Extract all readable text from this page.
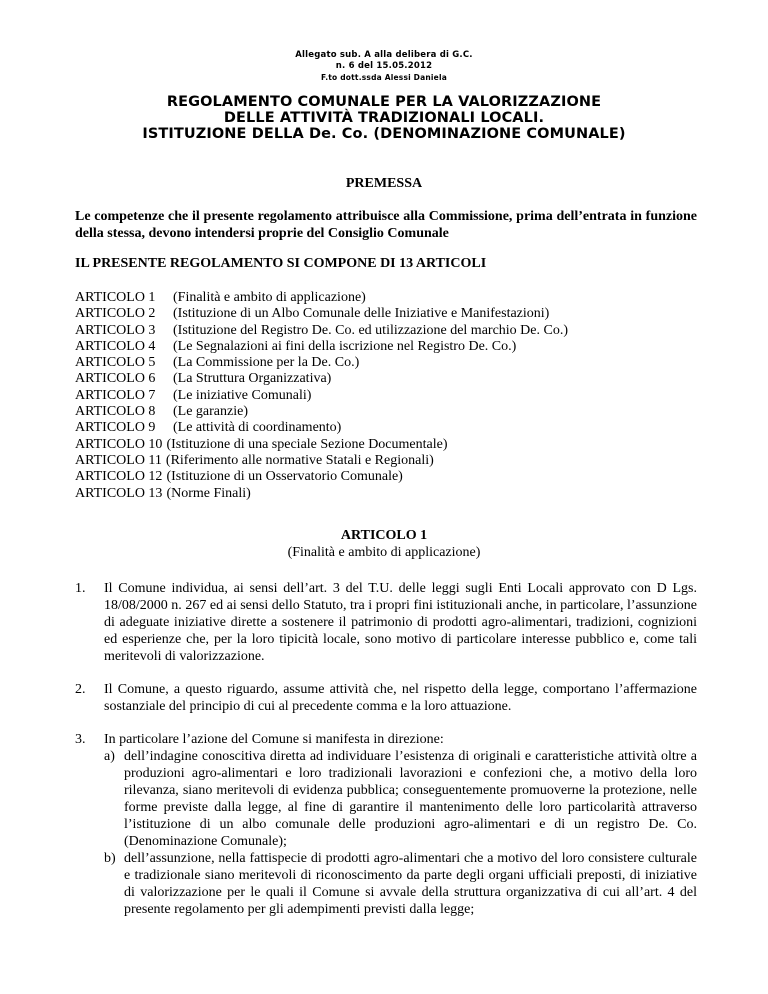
Allegato sub. A alla delibera di G.C.
n. 6 del 15.05.2012
F.to dott.ssda Alessi Daniela
REGOLAMENTO COMUNALE PER LA VALORIZZAZIONE
DELLE ATTIVITÀ TRADIZIONALI LOCALI.
ISTITUZIONE DELLA De. Co. (DENOMINAZIONE COMUNALE)
PREMESSA
Le competenze che il presente regolamento attribuisce alla Commissione, prima dell’entrata in funzione della stessa, devono intendersi proprie del Consiglio Comunale
IL PRESENTE REGOLAMENTO SI COMPONE DI 13 ARTICOLI
ARTICOLO 1	(Finalità e ambito di applicazione)
ARTICOLO 2	(Istituzione di un Albo Comunale delle Iniziative e Manifestazioni)
ARTICOLO 3	(Istituzione del Registro De. Co. ed utilizzazione del marchio De. Co.)
ARTICOLO 4	(Le Segnalazioni ai fini della iscrizione nel Registro De. Co.)
ARTICOLO 5	(La Commissione per la De. Co.)
ARTICOLO 6	(La Struttura Organizzativa)
ARTICOLO 7	(Le iniziative Comunali)
ARTICOLO 8	(Le garanzie)
ARTICOLO 9	(Le attività di coordinamento)
ARTICOLO 10 (Istituzione di una speciale Sezione Documentale)
ARTICOLO 11 (Riferimento alle normative Statali e Regionali)
ARTICOLO 12 (Istituzione di un Osservatorio Comunale)
ARTICOLO 13 (Norme Finali)
ARTICOLO 1
(Finalità e ambito di applicazione)
1.	Il Comune individua, ai sensi dell’art. 3 del T.U. delle leggi sugli Enti Locali approvato con D Lgs. 18/08/2000 n. 267 ed ai sensi dello Statuto, tra i propri fini istituzionali anche, in particolare, l’assunzione di adeguate iniziative dirette a sostenere il patrimonio di prodotti agro-alimentari, tradizioni, cognizioni ed esperienze che, per la loro tipicità locale, sono motivo di particolare interesse pubblico e, come tali meritevoli di valorizzazione.
2.	Il Comune, a questo riguardo, assume attività che, nel rispetto della legge, comportano l’affermazione sostanziale del principio di cui al precedente comma e la loro attuazione.
3.	In particolare l’azione del Comune si manifesta in direzione:
a) dell’indagine conoscitiva diretta ad individuare l’esistenza di originali e caratteristiche attività oltre a produzioni agro-alimentari e loro tradizionali lavorazioni e confezioni che, a motivo della loro rilevanza, siano meritevoli di evidenza pubblica; conseguentemente promuoverne la protezione, nelle forme previste dalla legge, al fine di garantire il mantenimento delle loro particolarità attraverso l’istituzione di un albo comunale delle produzioni agro-alimentari e di un registro De. Co. (Denominazione Comunale);
b) dell’assunzione, nella fattispecie di prodotti agro-alimentari che a motivo del loro consistere culturale e tradizionale siano meritevoli di riconoscimento da parte degli organi ufficiali preposti, di iniziative di valorizzazione per le quali il Comune si avvale della struttura organizzativa di cui all’art. 4 del presente regolamento per gli adempimenti previsti dalla legge;
